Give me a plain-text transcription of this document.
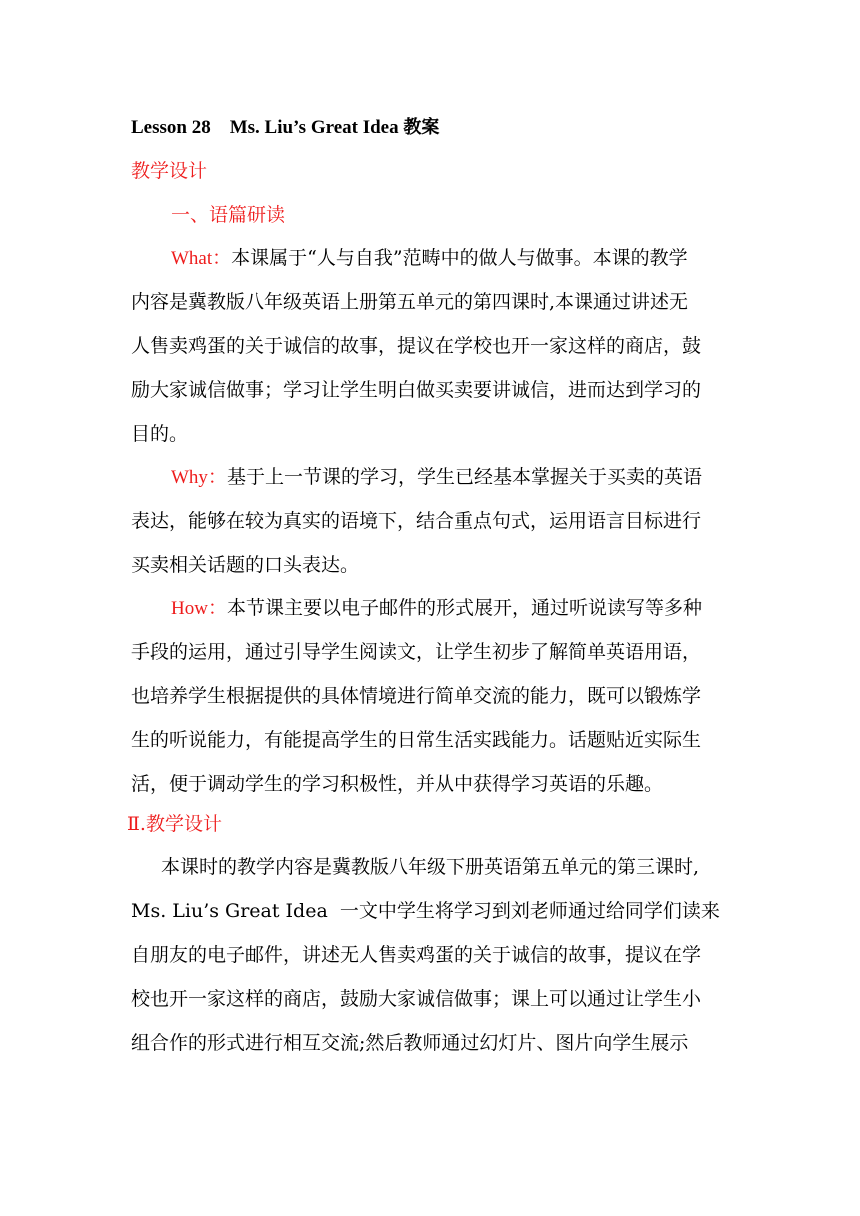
Lesson 28    Ms. Liu’s Great Idea 教案
教学设计
一、语篇研读
What：本课属于“人与自我”范畴中的做人与做事。本课的教学
内容是冀教版八年级英语上册第五单元的第四课时,本课通过讲述无
人售卖鸡蛋的关于诚信的故事，提议在学校也开一家这样的商店，鼓
励大家诚信做事；学习让学生明白做买卖要讲诚信，进而达到学习的
目的。
Why：基于上一节课的学习，学生已经基本掌握关于买卖的英语
表达，能够在较为真实的语境下，结合重点句式，运用语言目标进行
买卖相关话题的口头表达。
How：本节课主要以电子邮件的形式展开，通过听说读写等多种
手段的运用，通过引导学生阅读文，让学生初步了解简单英语用语，
也培养学生根据提供的具体情境进行简单交流的能力，既可以锻炼学
生的听说能力，有能提高学生的日常生活实践能力。话题贴近实际生
活，便于调动学生的学习积极性，并从中获得学习英语的乐趣。
Ⅱ.教学设计
本课时的教学内容是冀教版八年级下册英语第五单元的第三课时,
Ms. Liu’s Great Idea  一文中学生将学习到刘老师通过给同学们读来
自朋友的电子邮件，讲述无人售卖鸡蛋的关于诚信的故事，提议在学
校也开一家这样的商店，鼓励大家诚信做事；课上可以通过让学生小
组合作的形式进行相互交流;然后教师通过幻灯片、图片向学生展示
